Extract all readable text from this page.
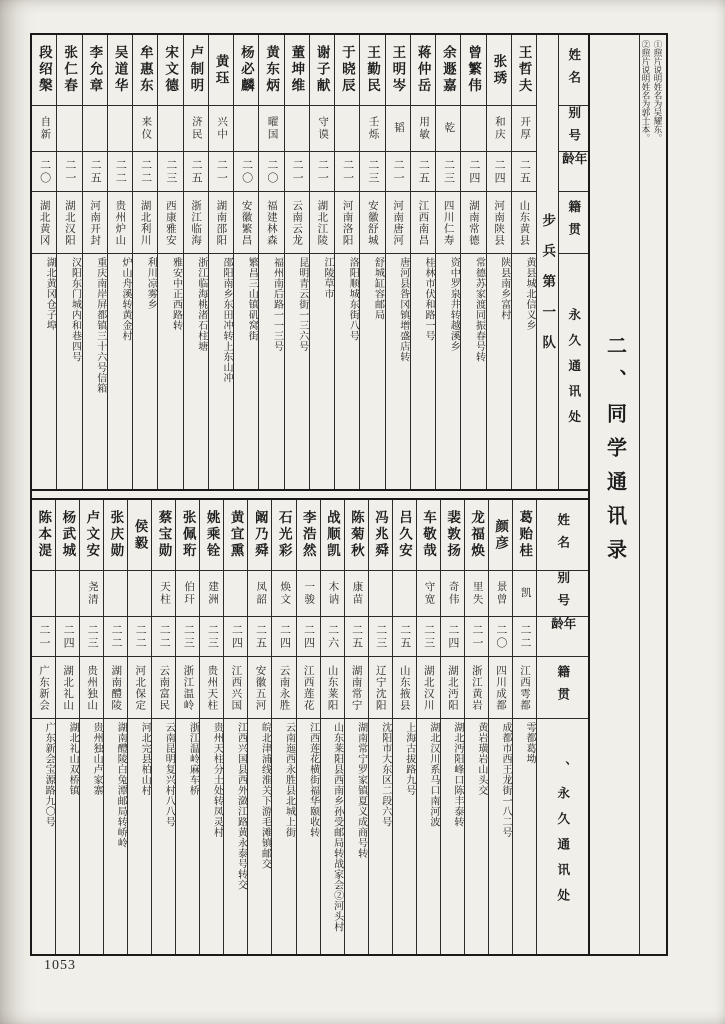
姓名
别号
年龄
籍贯
永久通讯处
步兵第一队
王哲夫
开厚
二五
山东黄县
黄县城北信义乡
张琇
和庆
二四
河南陕县
陕县南乡富村
曾繁伟
二四
湖南常德
常德苏家渡同振春号转
余遯嘉
乾
二三
四川仁寿
资中罗泉井转越溪乡
蒋仲岳
用敏
二五
江西南昌
桂林市伏和路一号
王明岑
韬
二一
河南唐河
唐河县昝冈镇增盛店转
王勤民
壬烁
二三
安徽舒城
舒城缸容邮局
于晓辰
二一
河南洛阳
洛阳顺城东街八号
谢子献
守谟
二一
湖北江陵
江陵草市
董坤维
二一
云南云龙
昆明青云街一三六号
黄东炳
曜国
二〇
福建林森
福州南后路一一三号
杨必麟
二〇
安徽繁昌
繁昌三山镇矶窝街
黄珏
兴中
二一
湖南邵阳
邵阳南乡东田冲转上东山冲
卢制明
济民
二五
浙江临海
浙江临海桃渚石柱塘
宋文德
二三
西康雅安
雅安中正西路转
牟惠东
来仪
二二
湖北利川
利川凉雾乡
吴道华
二二
贵州炉山
炉山舟溪转黄金村
李允章
二五
河南开封
重庆南岸屏都镇三十六号信箱
张仁春
二一
湖北汉阳
汉阳东门城内和巷四号
段绍槃
自新
二〇
湖北黄冈
湖北黄冈仓子埠
姓名
别号
年龄
籍贯
、永久通讯处
葛贻桂
凯
二二
江西雩都
雩都葛坳
颜彦
景曾
二〇
四川成都
成都市西王龙街一八二号
龙福焕
里失
二一
浙江黄岩
黄岩璜岩山头交
裴敦扬
奇伟
二四
湖北沔阳
湖北沔阳峰口陈丰泰转
车敬哉
守宽
二三
湖北汉川
湖北汉川系马口南河波
吕久安
二五
山东掖县
上海古拔路九号
冯兆舜
二三
辽宁沈阳
沈阳市大东区二段六号
陈菊秋
康苗
二五
湖南常宁
湖南常宁罗家镇夏义成商号转
战顺凯
木讷
二六
山东莱阳
山东莱阳县西南乡孙受邮局转战家会②河头村
李浩然
一骏
二四
江西莲花
江西莲花横街福华颐收转
石光彩
焕文
二四
云南永胜
云南迤西永胜县北城上街
阚乃舜
凤韶
二五
安徽五河
皖北津浦线淮关下游毛滩镇邮交
黄宜熏
二四
江西兴国
江西兴国县西外潋江路黄永泰号转交
姚乘铨
建洲
二三
贵州天柱
贵州天柱分土处转凤灵村
张佩珩
伯玕
二三
浙江温岭
浙江温岭麻车桥
蔡宝勋
天柱
二二
云南富民
云南昆明复兴村八八号
侯毅
二二
河北保定
河北完县柏山村
张庆勋
二二
湖南醴陵
湖南醴陵白兔潭邮局转峤岭
卢文安
尧清
二三
贵州独山
贵州独山卢家寨
杨武城
二四
湖北礼山
湖北礼山双桥镇
陈本湜
二一
广东新会
广东新会宝源路九〇号
二、同学通讯录
①照片说明姓名为吴耀东。
②照片说明姓名为郭士本。
1053
